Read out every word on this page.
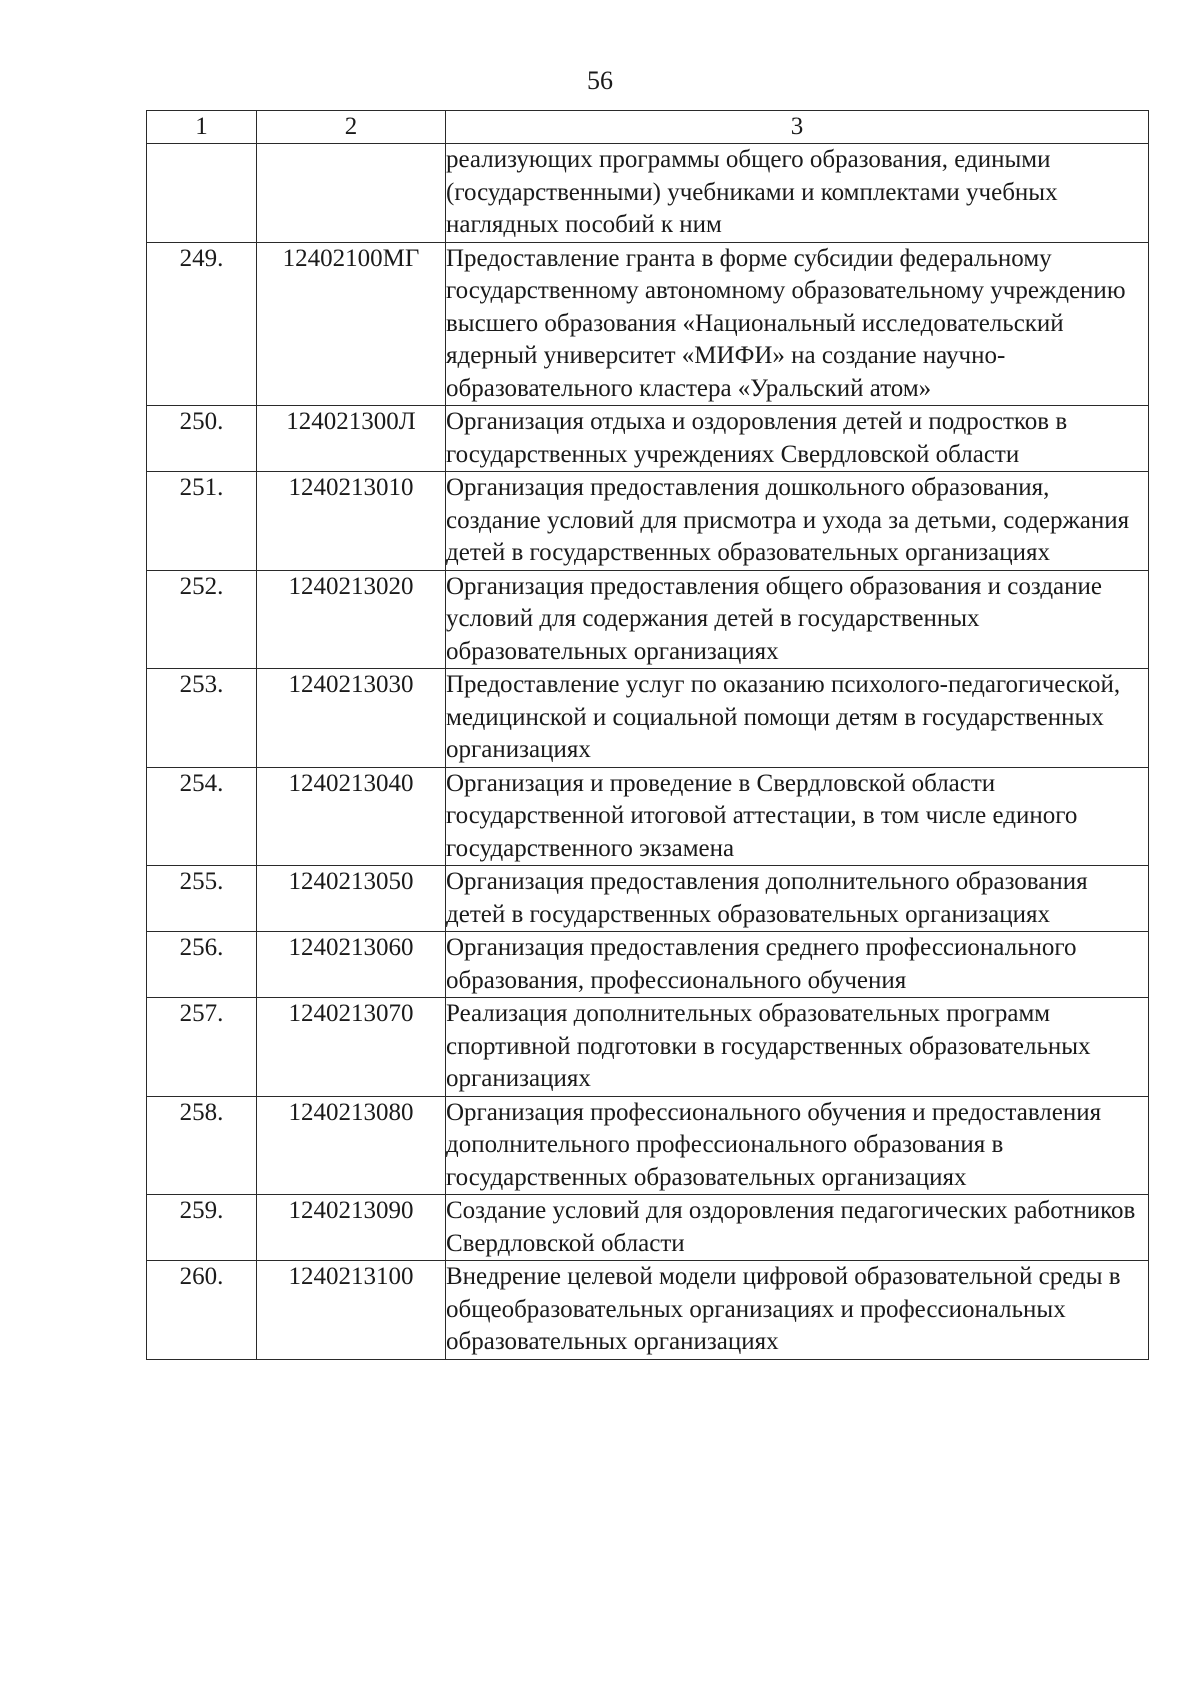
56
1	2	3
		реализующих программы общего образования, едиными (государственными) учебниками и комплектами учебных наглядных пособий к ним
249.	12402100МГ	Предоставление гранта в форме субсидии федеральному государственному автономному образовательному учреждению высшего образования «Национальный исследовательский ядерный университет «МИФИ» на создание научно-образовательного кластера «Уральский атом»
250.	124021300Л	Организация отдыха и оздоровления детей и подростков в государственных учреждениях Свердловской области
251.	1240213010	Организация предоставления дошкольного образования, создание условий для присмотра и ухода за детьми, содержания детей в государственных образовательных организациях
252.	1240213020	Организация предоставления общего образования и создание условий для содержания детей в государственных образовательных организациях
253.	1240213030	Предоставление услуг по оказанию психолого-педагогической, медицинской и социальной помощи детям в государственных организациях
254.	1240213040	Организация и проведение в Свердловской области государственной итоговой аттестации, в том числе единого государственного экзамена
255.	1240213050	Организация предоставления дополнительного образования детей в государственных образовательных организациях
256.	1240213060	Организация предоставления среднего профессионального образования, профессионального обучения
257.	1240213070	Реализация дополнительных образовательных программ спортивной подготовки в государственных образовательных организациях
258.	1240213080	Организация профессионального обучения и предоставления дополнительного профессионального образования в государственных образовательных организациях
259.	1240213090	Создание условий для оздоровления педагогических работников Свердловской области
260.	1240213100	Внедрение целевой модели цифровой образовательной среды в общеобразовательных организациях и профессиональных образовательных организациях
